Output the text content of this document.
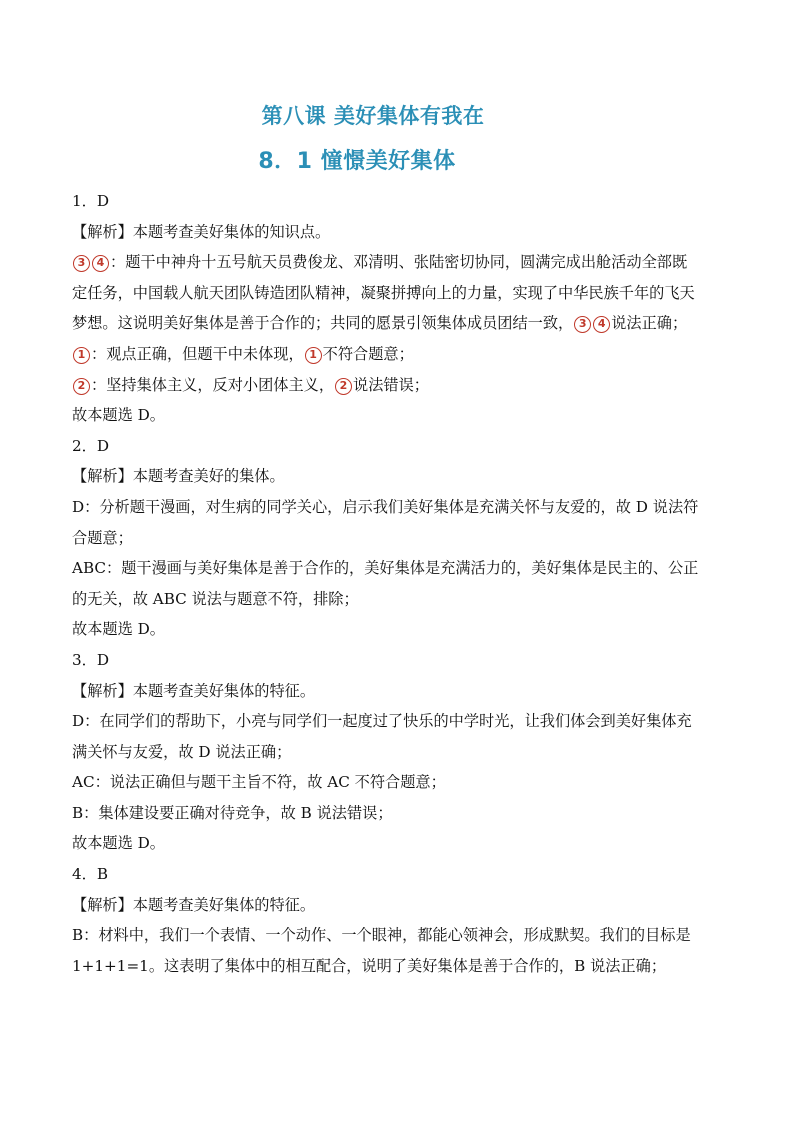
第八课 美好集体有我在
8．1 憧憬美好集体

1．D

【解析】本题考查美好集体的知识点。

3 4 ：题干中神舟十五号航天员费俊龙、邓清明、张陆密切协同，圆满完成出舱活动全部既

定任务，中国载人航天团队铸造团队精神，凝聚拼搏向上的力量，实现了中华民族千年的飞天

梦想。这说明美好集体是善于合作的；共同的愿景引领集体成员团结一致， 3 4 说法正确；

1 ：观点正确，但题干中未体现， 1 不符合题意；

2 ：坚持集体主义，反对小团体主义， 2 说法错误；

故本题选 D。

2．D

【解析】本题考查美好的集体。

D：分析题干漫画，对生病的同学关心，启示我们美好集体是充满关怀与友爱的，故 D 说法符

合题意；

ABC：题干漫画与美好集体是善于合作的，美好集体是充满活力的，美好集体是民主的、公正

的无关，故 ABC 说法与题意不符，排除；

故本题选 D。

3．D

【解析】本题考查美好集体的特征。

D：在同学们的帮助下，小亮与同学们一起度过了快乐的中学时光，让我们体会到美好集体充

满关怀与友爱，故 D 说法正确；

AC：说法正确但与题干主旨不符，故 AC 不符合题意；

B：集体建设要正确对待竞争，故 B 说法错误；

故本题选 D。

4．B

【解析】本题考查美好集体的特征。

B：材料中，我们一个表情、一个动作、一个眼神，都能心领神会，形成默契。我们的目标是

1+1+1=1。这表明了集体中的相互配合，说明了美好集体是善于合作的，B 说法正确；
